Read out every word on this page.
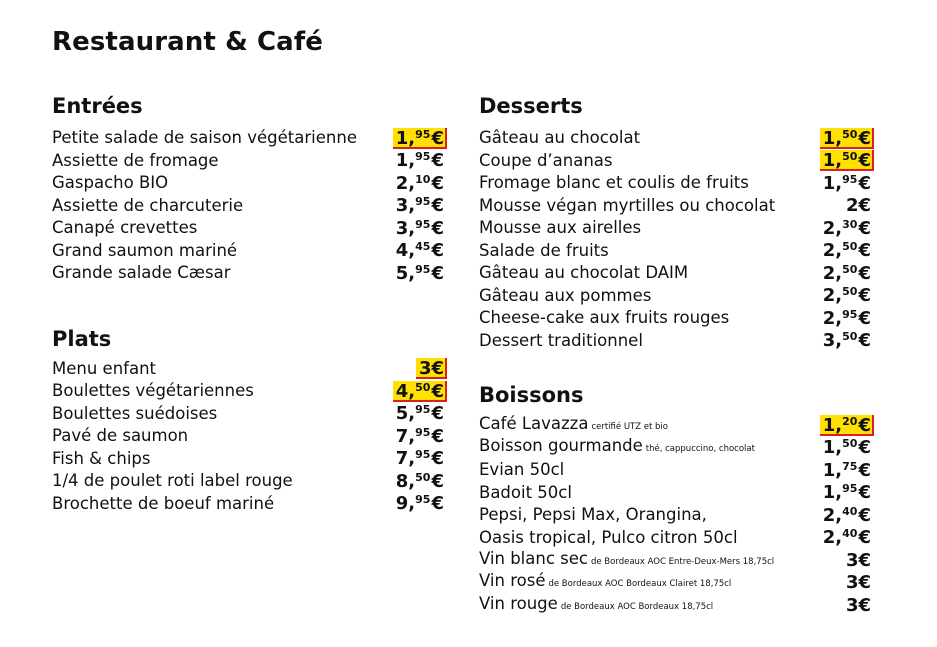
Restaurant & Café
Entrées
Petite salade de saison végétarienne 1,95€
Assiette de fromage	1,95€
Gaspacho BIO	2,10€
Assiette de charcuterie	3,95€
Canapé crevettes	3,95€
Grand saumon mariné	4,45€
Grande salade Cæsar	5,95€
Plats
Menu enfant	3€
Boulettes végétariennes	4,50€
Boulettes suédoises	5,95€
Pavé de saumon	7,95€
Fish & chips	7,95€
1/4 de poulet roti label rouge	8,50€
Brochette de boeuf mariné	9,95€
Desserts
Gâteau au chocolat	1,50€
Coupe d’ananas	1,50€
Fromage blanc et coulis de fruits	1,95€
Mousse végan myrtilles ou chocolat	2€
Mousse aux airelles	2,30€
Salade de fruits	2,50€
Gâteau au chocolat DAIM	2,50€
Gâteau aux pommes	2,50€
Cheese-cake aux fruits rouges	2,95€
Dessert traditionnel	3,50€
Boissons
Café Lavazza certifié UTZ et bio	1,20€
Boisson gourmande thé, cappuccino, chocolat	1,50€
Evian 50cl	1,75€
Badoit 50cl	1,95€
Pepsi, Pepsi Max, Orangina,	2,40€
Oasis tropical, Pulco citron 50cl	2,40€
Vin blanc sec de Bordeaux AOC Entre-Deux-Mers 18,75cl	3€
Vin rosé de Bordeaux AOC Bordeaux Clairet 18,75cl	3€
Vin rouge de Bordeaux AOC Bordeaux 18,75cl	3€
